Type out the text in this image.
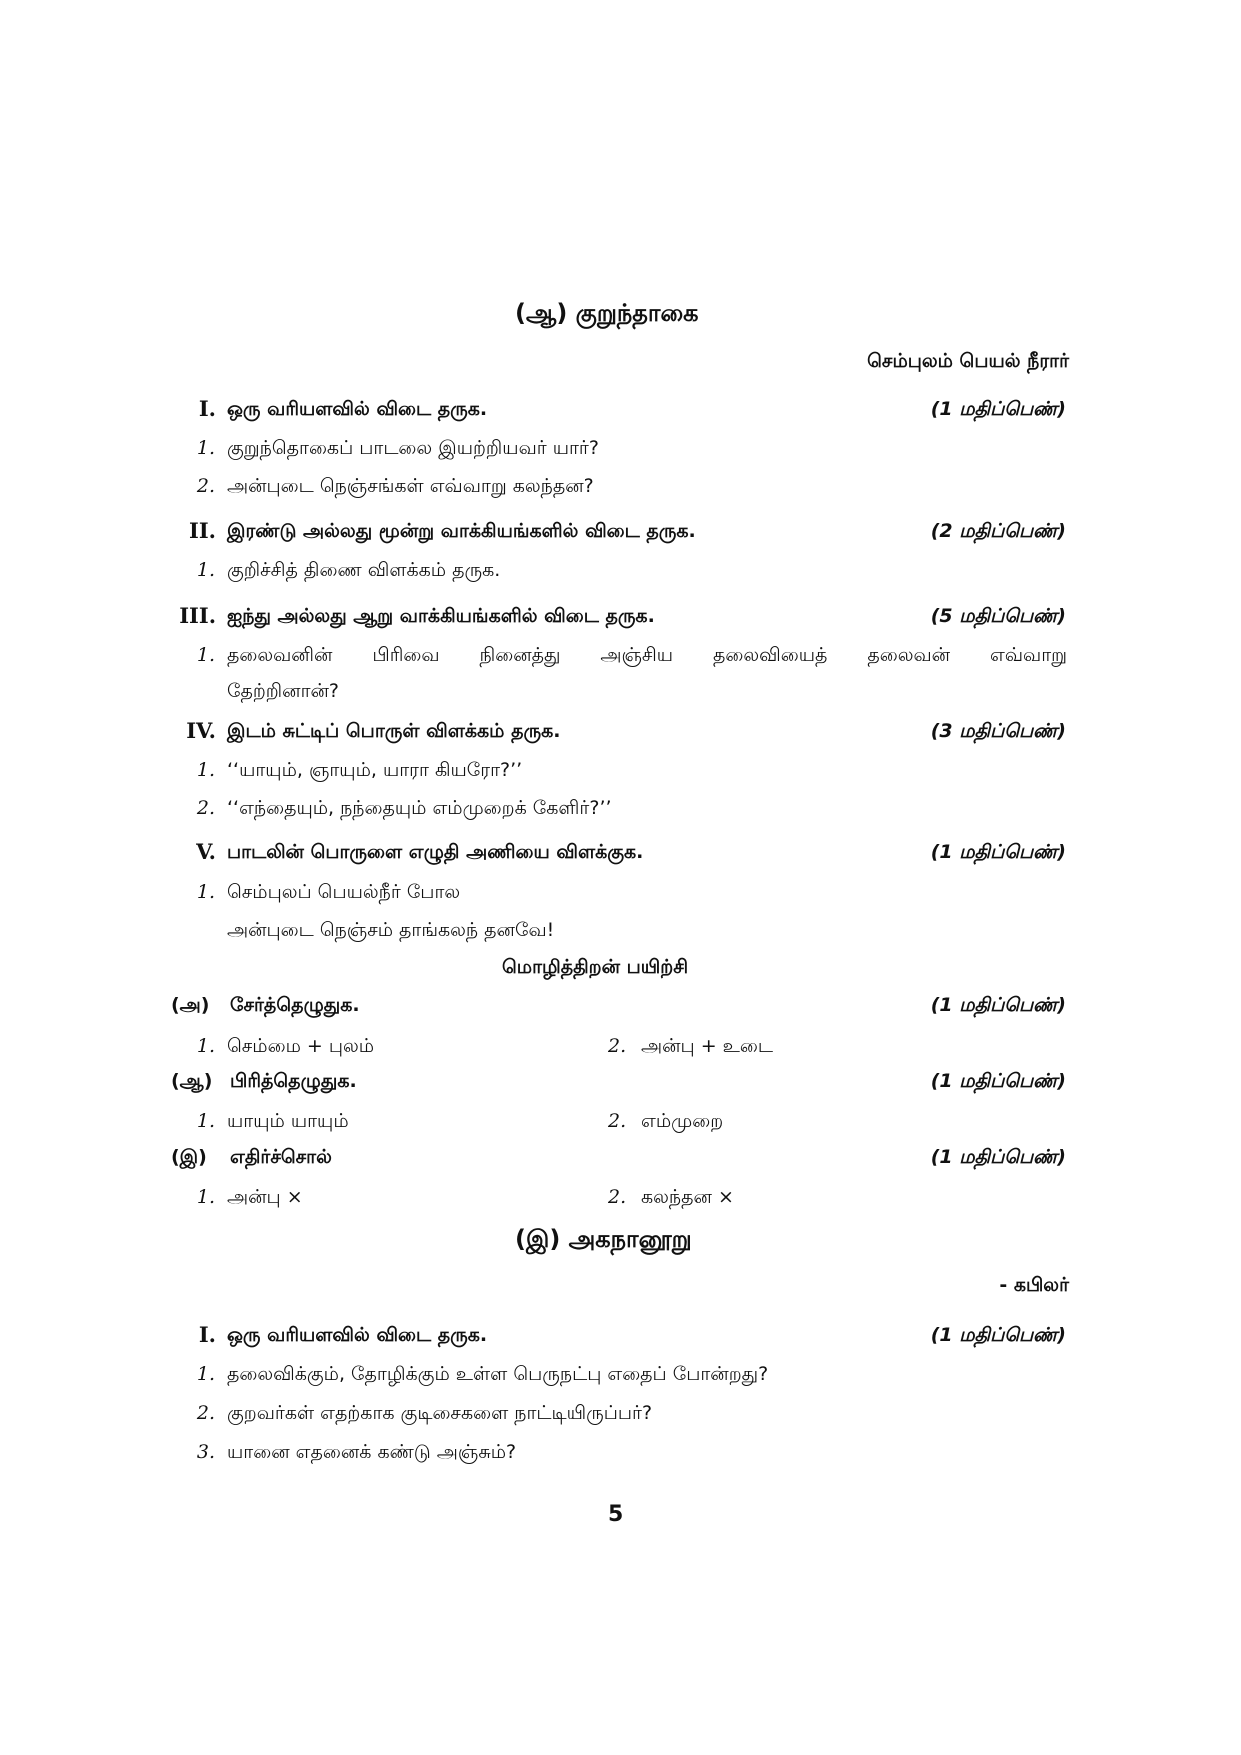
(ஆ) குறுந்தாகை
செம்புலம் பெயல் நீரார்
I. ஒரு வரியளவில் விடை தருக.	(1 மதிப்பெண்)
1. குறுந்தொகைப் பாடலை இயற்றியவர் யார்?
2. அன்புடை நெஞ்சங்கள் எவ்வாறு கலந்தன?
II. இரண்டு அல்லது மூன்று வாக்கியங்களில் விடை தருக.	(2 மதிப்பெண்)
1. குறிச்சித் திணை விளக்கம் தருக.
III. ஐந்து அல்லது ஆறு வாக்கியங்களில் விடை தருக.	(5 மதிப்பெண்)
1. தலைவனின் பிரிவை நினைத்து அஞ்சிய தலைவியைத் தலைவன் எவ்வாறு
தேற்றினான்?
IV. இடம் சுட்டிப் பொருள் விளக்கம் தருக.	(3 மதிப்பெண்)
1. ‘‘யாயும், ஞாயும், யாரா கியரோ?’’
2. ‘‘எந்தையும், நந்தையும் எம்முறைக் கேளிர்?’’
V. பாடலின் பொருளை எழுதி அணியை விளக்குக.	(1 மதிப்பெண்)
1. செம்புலப் பெயல்நீர் போல
அன்புடை நெஞ்சம் தாங்கலந் தனவே!
மொழித்திறன் பயிற்சி
(அ) சேர்த்தெழுதுக.	(1 மதிப்பெண்)
1. செம்மை + புலம்	2. அன்பு + உடை
(ஆ) பிரித்தெழுதுக.	(1 மதிப்பெண்)
1. யாயும் யாயும்	2. எம்முறை
(இ) எதிர்ச்சொல்	(1 மதிப்பெண்)
1. அன்பு ×	2. கலந்தன ×
(இ) அகநானூறு
- கபிலர்
I. ஒரு வரியளவில் விடை தருக.	(1 மதிப்பெண்)
1. தலைவிக்கும், தோழிக்கும் உள்ள பெருநட்பு எதைப் போன்றது?
2. குறவர்கள் எதற்காக குடிசைகளை நாட்டியிருப்பர்?
3. யானை எதனைக் கண்டு அஞ்சும்?
5
